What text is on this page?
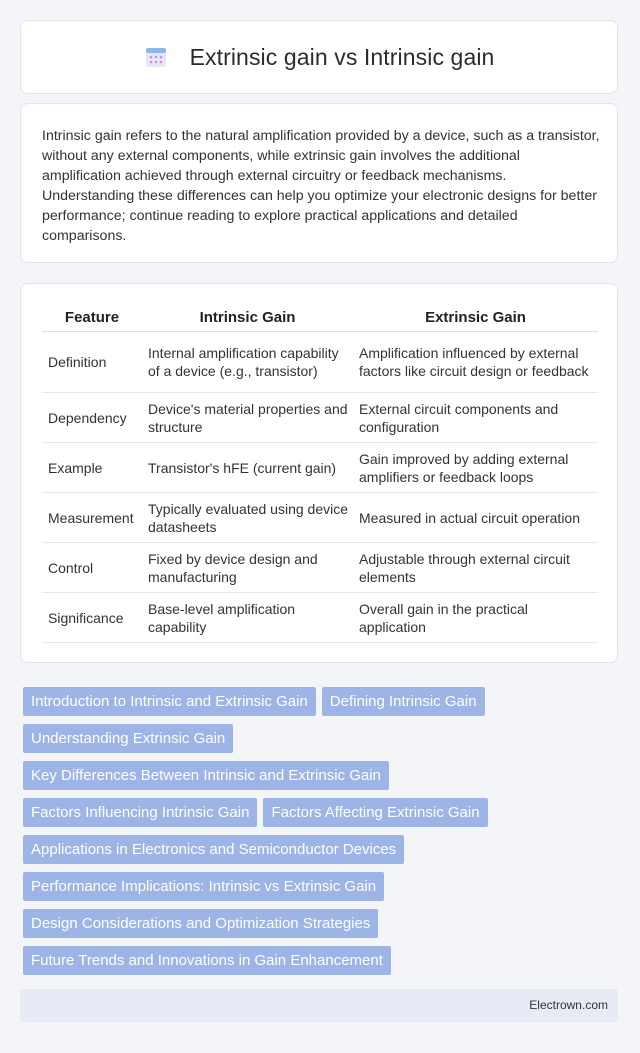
Extrinsic gain vs Intrinsic gain

Intrinsic gain refers to the natural amplification provided by a device, such as a transistor, without any external components, while extrinsic gain involves the additional amplification achieved through external circuitry or feedback mechanisms. Understanding these differences can help you optimize your electronic designs for better performance; continue reading to explore practical applications and detailed comparisons.

Feature	Intrinsic Gain	Extrinsic Gain
Definition	Internal amplification capability of a device (e.g., transistor)	Amplification influenced by external factors like circuit design or feedback
Dependency	Device's material properties and structure	External circuit components and configuration
Example	Transistor's hFE (current gain)	Gain improved by adding external amplifiers or feedback loops
Measurement	Typically evaluated using device datasheets	Measured in actual circuit operation
Control	Fixed by device design and manufacturing	Adjustable through external circuit elements
Significance	Base-level amplification capability	Overall gain in the practical application
Introduction to Intrinsic and Extrinsic Gain Defining Intrinsic Gain
Understanding Extrinsic Gain
Key Differences Between Intrinsic and Extrinsic Gain
Factors Influencing Intrinsic Gain Factors Affecting Extrinsic Gain
Applications in Electronics and Semiconductor Devices
Performance Implications: Intrinsic vs Extrinsic Gain
Design Considerations and Optimization Strategies
Future Trends and Innovations in Gain Enhancement
Electrown.com
